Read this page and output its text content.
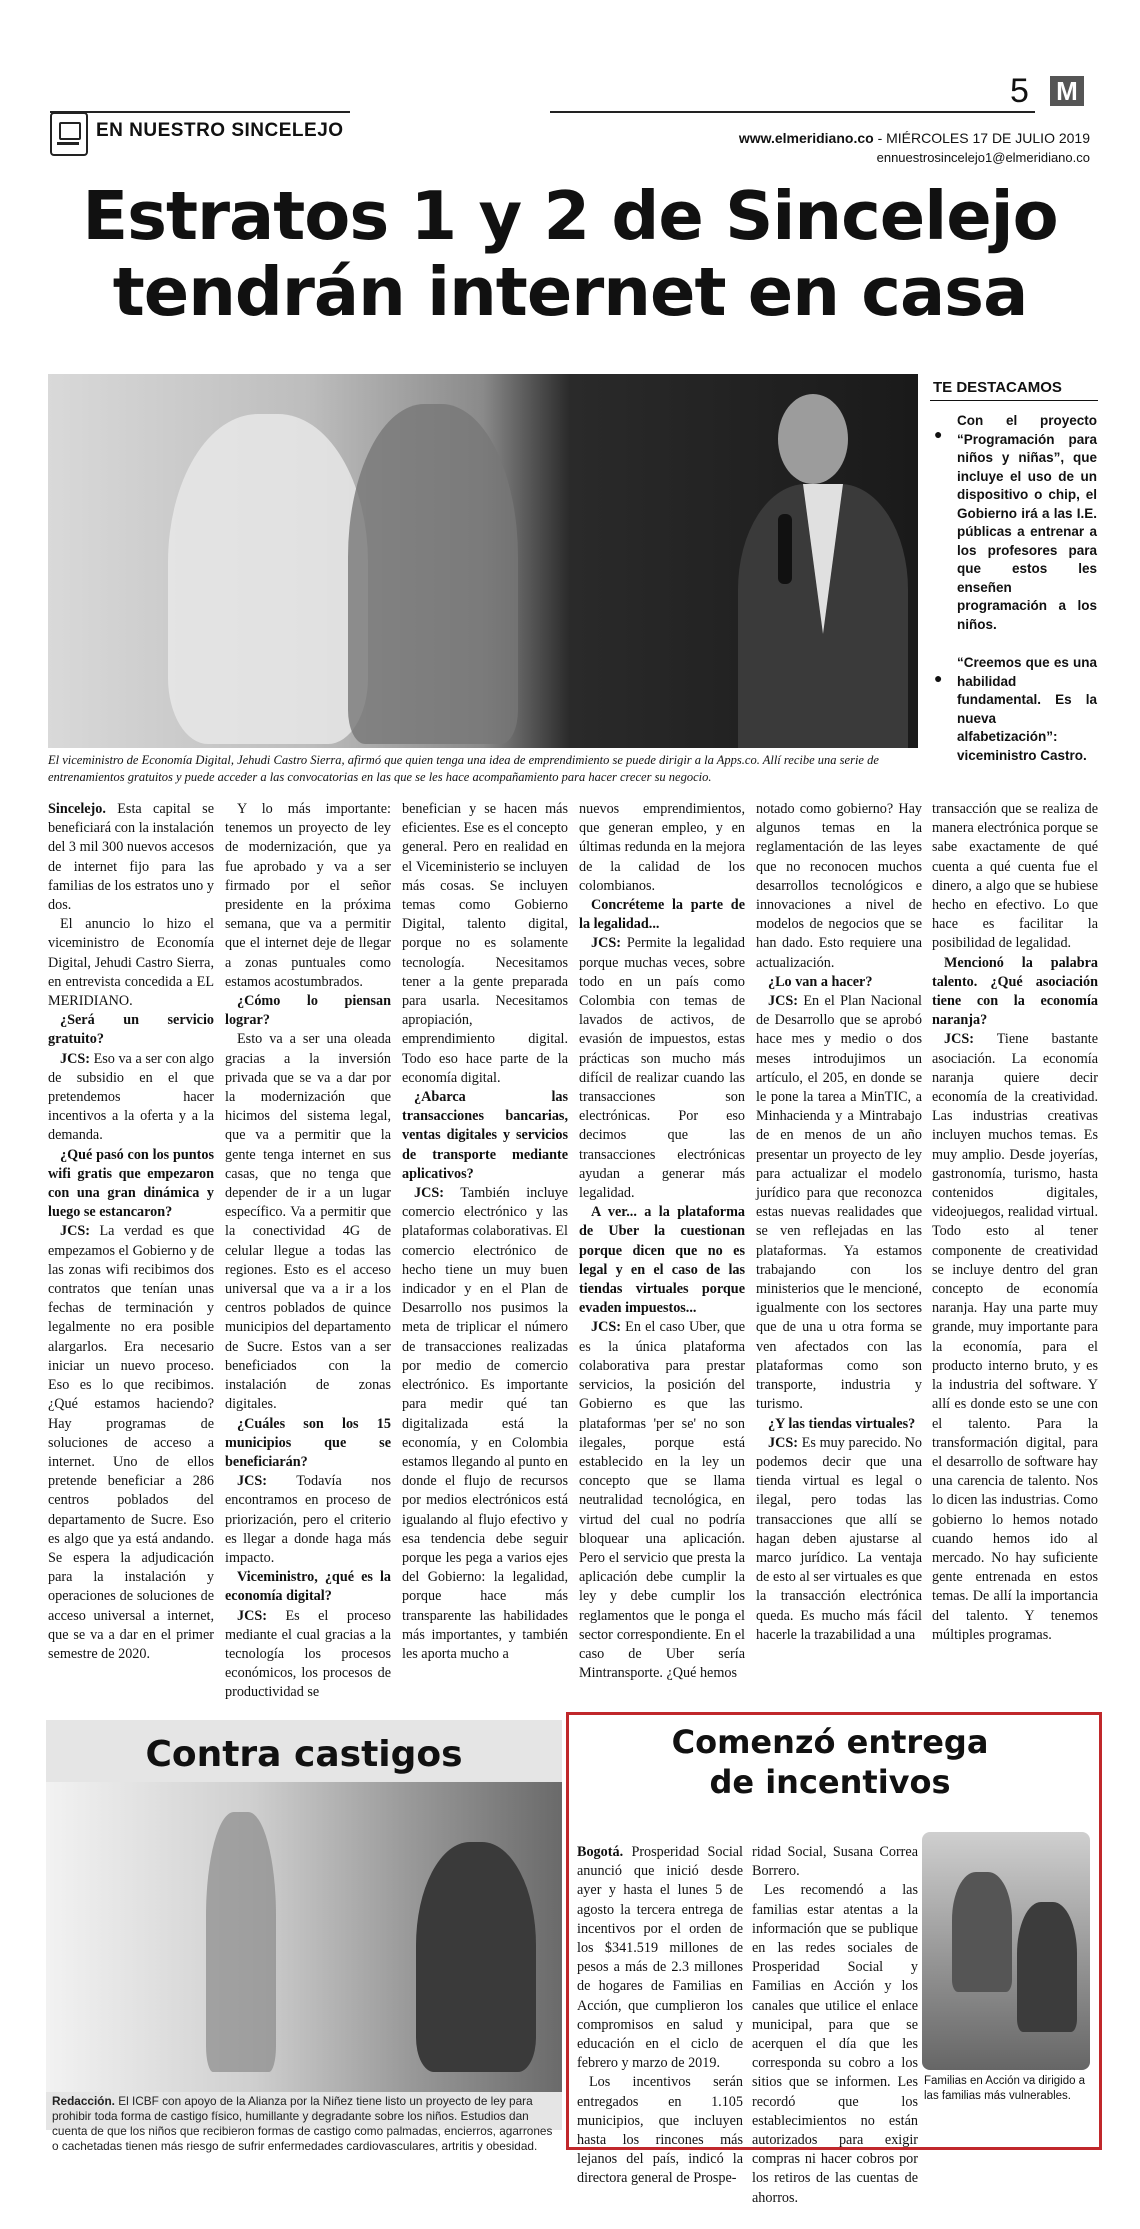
EN NUESTRO SINCELEJO
5 M
www.elmeridiano.co - MIÉRCOLES 17 DE JULIO 2019
ennuestrosincelejo1@elmeridiano.co
Estratos 1 y 2 de Sincelejo
tendrán internet en casa
El viceministro de Economía Digital, Jehudi Castro Sierra, afirmó que quien tenga una idea de emprendimiento se puede dirigir a la Apps.co. Allí recibe una serie de entrenamientos gratuitos y puede acceder a las convocatorias en las que se les hace acompañamiento para hacer crecer su negocio.
TE DESTACAMOS
●
Con el proyecto “Programación para niños y niñas”, que incluye el uso de un dispositivo o chip, el Gobierno irá a las I.E. públicas a entrenar a los profesores para que estos les enseñen programación a los niños.
●
“Creemos que es una habilidad fundamental. Es la nueva alfabetización”: viceministro Castro.

Sincelejo. Esta capital se beneficiará con la instalación del 3 mil 300 nuevos accesos de internet fijo para las familias de los estratos uno y dos.

El anuncio lo hizo el viceministro de Economía Digital, Jehudi Castro Sierra, en entrevista concedida a EL MERIDIANO.

¿Será un servicio gratuito?

JCS: Eso va a ser con algo de subsidio en el que pretendemos hacer incentivos a la oferta y a la demanda.

¿Qué pasó con los puntos wifi gratis que empezaron con una gran dinámica y luego se estancaron?

JCS: La verdad es que empezamos el Gobierno y de las zonas wifi recibimos dos contratos que tenían unas fechas de terminación y legalmente no era posible alargarlos. Era necesario iniciar un nuevo proceso. Eso es lo que recibimos. ¿Qué estamos haciendo? Hay programas de soluciones de acceso a internet. Uno de ellos pretende beneficiar a 286 centros poblados del departamento de Sucre. Eso es algo que ya está andando. Se espera la adjudicación para la instalación y operaciones de soluciones de acceso universal a internet, que se va a dar en el primer semestre de 2020.

Y lo más importante: tenemos un proyecto de ley de modernización, que ya fue aprobado y va a ser firmado por el señor presidente en la próxima semana, que va a permitir que el internet deje de llegar a zonas puntuales como estamos acostumbrados.

¿Cómo lo piensan lograr?

Esto va a ser una oleada gracias a la inversión privada que se va a dar por la modernización que hicimos del sistema legal, que va a permitir que la gente tenga internet en sus casas, que no tenga que depender de ir a un lugar específico. Va a permitir que la conectividad 4G de celular llegue a todas las regiones. Esto es el acceso universal que va a ir a los centros poblados de quince municipios del departamento de Sucre. Estos van a ser beneficiados con la instalación de zonas digitales.

¿Cuáles son los 15 municipios que se beneficiarán?

JCS: Todavía nos encontramos en proceso de priorización, pero el criterio es llegar a donde haga más impacto.

Viceministro, ¿qué es la economía digital?

JCS: Es el proceso mediante el cual gracias a la tecnología los procesos económicos, los procesos de productividad se

benefician y se hacen más eficientes. Ese es el concepto general. Pero en realidad en el Viceministerio se incluyen más cosas. Se incluyen temas como Gobierno Digital, talento digital, porque no es solamente tecnología. Necesitamos tener a la gente preparada para usarla. Necesitamos apropiación, emprendimiento digital. Todo eso hace parte de la economía digital.

¿Abarca las transacciones bancarias, ventas digitales y servicios de transporte mediante aplicativos?

JCS: También incluye comercio electrónico y las plataformas colaborativas. El comercio electrónico de hecho tiene un muy buen indicador y en el Plan de Desarrollo nos pusimos la meta de triplicar el número de transacciones realizadas por medio de comercio electrónico. Es importante para medir qué tan digitalizada está la economía, y en Colombia estamos llegando al punto en donde el flujo de recursos por medios electrónicos está igualando al flujo efectivo y esa tendencia debe seguir porque les pega a varios ejes del Gobierno: la legalidad, porque hace más transparente las habilidades más importantes, y también les aporta mucho a

nuevos emprendimientos, que generan empleo, y en últimas redunda en la mejora de la calidad de los colombianos.

Concréteme la parte de la legalidad...

JCS: Permite la legalidad porque muchas veces, sobre todo en un país como Colombia con temas de lavados de activos, de evasión de impuestos, estas prácticas son mucho más difícil de realizar cuando las transacciones son electrónicas. Por eso decimos que las transacciones electrónicas ayudan a generar más legalidad.

A ver... a la plataforma de Uber la cuestionan porque dicen que no es legal y en el caso de las tiendas virtuales porque evaden impuestos...

JCS: En el caso Uber, que es la única plataforma colaborativa para prestar servicios, la posición del Gobierno es que las plataformas 'per se' no son ilegales, porque está establecido en la ley un concepto que se llama neutralidad tecnológica, en virtud del cual no podría bloquear una aplicación. Pero el servicio que presta la aplicación debe cumplir la ley y debe cumplir los reglamentos que le ponga el sector correspondiente. En el caso de Uber sería Mintransporte. ¿Qué hemos

notado como gobierno? Hay algunos temas en la reglamentación de las leyes que no reconocen muchos desarrollos tecnológicos e innovaciones a nivel de modelos de negocios que se han dado. Esto requiere una actualización.

¿Lo van a hacer?

JCS: En el Plan Nacional de Desarrollo que se aprobó hace mes y medio o dos meses introdujimos un artículo, el 205, en donde se le pone la tarea a MinTIC, a Minhacienda y a Mintrabajo de en menos de un año presentar un proyecto de ley para actualizar el modelo jurídico para que reconozca estas nuevas realidades que se ven reflejadas en las plataformas. Ya estamos trabajando con los ministerios que le mencioné, igualmente con los sectores que de una u otra forma se ven afectados con las plataformas como son transporte, industria y turismo.

¿Y las tiendas virtuales?

JCS: Es muy parecido. No podemos decir que una tienda virtual es legal o ilegal, pero todas las transacciones que allí se hagan deben ajustarse al marco jurídico. La ventaja de esto al ser virtuales es que la transacción electrónica queda. Es mucho más fácil hacerle la trazabilidad a una

transacción que se realiza de manera electrónica porque se sabe exactamente de qué cuenta a qué cuenta fue el dinero, a algo que se hubiese hecho en efectivo. Lo que hace es facilitar la posibilidad de legalidad.

Mencionó la palabra talento. ¿Qué asociación tiene con la economía naranja?

JCS: Tiene bastante asociación. La economía naranja quiere decir economía de la creatividad. Las industrias creativas incluyen muchos temas. Es muy amplio. Desde joyerías, gastronomía, turismo, hasta contenidos digitales, videojuegos, realidad virtual. Todo esto al tener componente de creatividad se incluye dentro del gran concepto de economía naranja. Hay una parte muy grande, muy importante para la economía, para el producto interno bruto, y es la industria del software. Y allí es donde esto se une con el talento. Para la transformación digital, para el desarrollo de software hay una carencia de talento. Nos lo dicen las industrias. Como gobierno lo hemos notado cuando hemos ido al mercado. No hay suficiente gente entrenada en estos temas. De allí la importancia del talento. Y tenemos múltiples programas.

Contra castigos
Redacción. El ICBF con apoyo de la Alianza por la Niñez tiene listo un proyecto de ley para prohibir toda forma de castigo físico, humillante y degradante sobre los niños. Estudios dan cuenta de que los niños que recibieron formas de castigo como palmadas, encierros, agarrones o cachetadas tienen más riesgo de sufrir enfermedades cardiovasculares, artritis y obesidad.
Comenzó entrega
de incentivos

Bogotá. Prosperidad Social anunció que inició desde ayer y hasta el lunes 5 de agosto la tercera entrega de incentivos por el orden de los $341.519 millones de pesos a más de 2.3 millones de hogares de Familias en Acción, que cumplieron los compromisos en salud y educación en el ciclo de febrero y marzo de 2019.

Los incentivos serán entregados en 1.105 municipios, que incluyen hasta los rincones más lejanos del país, indicó la directora general de Prospe-

ridad Social, Susana Correa Borrero.

Les recomendó a las familias estar atentas a la información que se publique en las redes sociales de Prosperidad Social y Familias en Acción y los canales que utilice el enlace municipal, para que se acerquen el día que les corresponda su cobro a los sitios que se informen. Les recordó que los establecimientos no están autorizados para exigir compras ni hacer cobros por los retiros de las cuentas de ahorros.

Familias en Acción va dirigido a las familias más vulnerables.
